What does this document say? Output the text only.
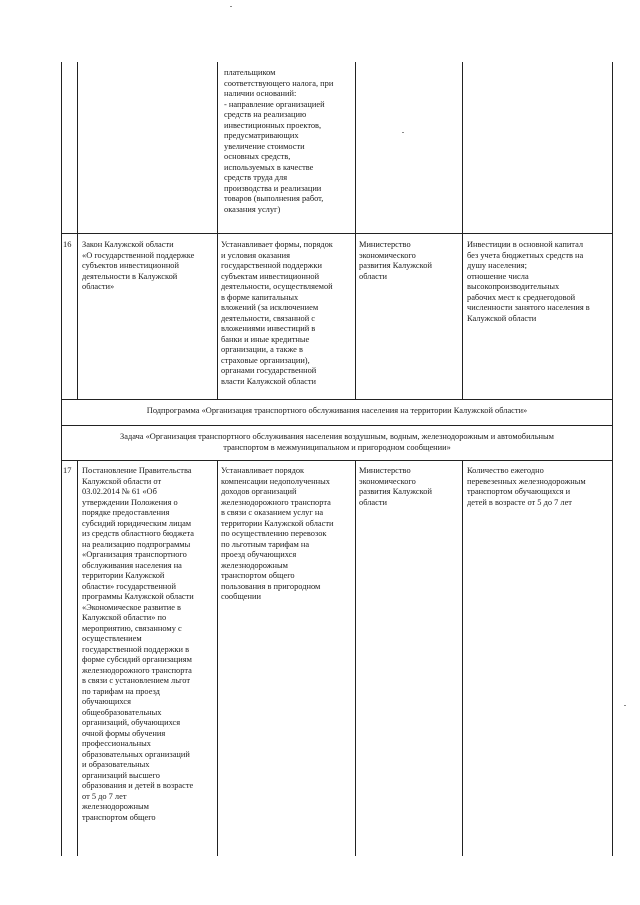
плательщиком
соответствующего налога, при
наличии оснований:
- направление организацией
средств на реализацию
инвестиционных проектов,
предусматривающих
увеличение стоимости
основных средств,
используемых в качестве
средств труда для
производства и реализации
товаров (выполнения работ,
оказания услуг)
16	Закон Калужской области
«О государственной поддержке
субъектов инвестиционной
деятельности в Калужской
области»
Устанавливает формы, порядок
и условия оказания
государственной поддержки
субъектам инвестиционной
деятельности, осуществляемой
в форме капитальных
вложений (за исключением
деятельности, связанной с
вложениями инвестиций в
банки и иные кредитные
организации, а также в
страховые организации),
органами государственной
власти Калужской области
Министерство
экономического
развития Калужской
области
Инвестиции в основной капитал
без учета бюджетных средств на
душу населения;
отношение числа
высокопроизводительных
рабочих мест к среднегодовой
численности занятого населения в
Калужской области
Подпрограмма «Организация транспортного обслуживания населения на территории Калужской области»
Задача «Организация транспортного обслуживания населения воздушным, водным, железнодорожным и автомобильным
транспортом в межмуниципальном и пригородном сообщении»
17	Постановление Правительства
Калужской области от
03.02.2014 № 61 «Об
утверждении Положения о
порядке предоставления
субсидий юридическим лицам
из средств областного бюджета
на реализацию подпрограммы
«Организация транспортного
обслуживания населения на
территории Калужской
области» государственной
программы Калужской области
«Экономическое развитие в
Калужской области» по
мероприятию, связанному с
осуществлением
государственной поддержки в
форме субсидий организациям
железнодорожного транспорта
в связи с установлением льгот
по тарифам на проезд
обучающихся
общеобразовательных
организаций, обучающихся
очной формы обучения
профессиональных
образовательных организаций
и образовательных
организаций высшего
образования и детей в возрасте
от 5 до 7 лет
железнодорожным
транспортом общего
Устанавливает порядок
компенсации недополученных
доходов организаций
железнодорожного транспорта
в связи с оказанием услуг на
территории Калужской области
по осуществлению перевозок
по льготным тарифам на
проезд обучающихся
железнодорожным
транспортом общего
пользования в пригородном
сообщении
Министерство
экономического
развития Калужской
области
Количество ежегодно
перевезенных железнодорожным
транспортом обучающихся и
детей в возрасте от 5 до 7 лет
